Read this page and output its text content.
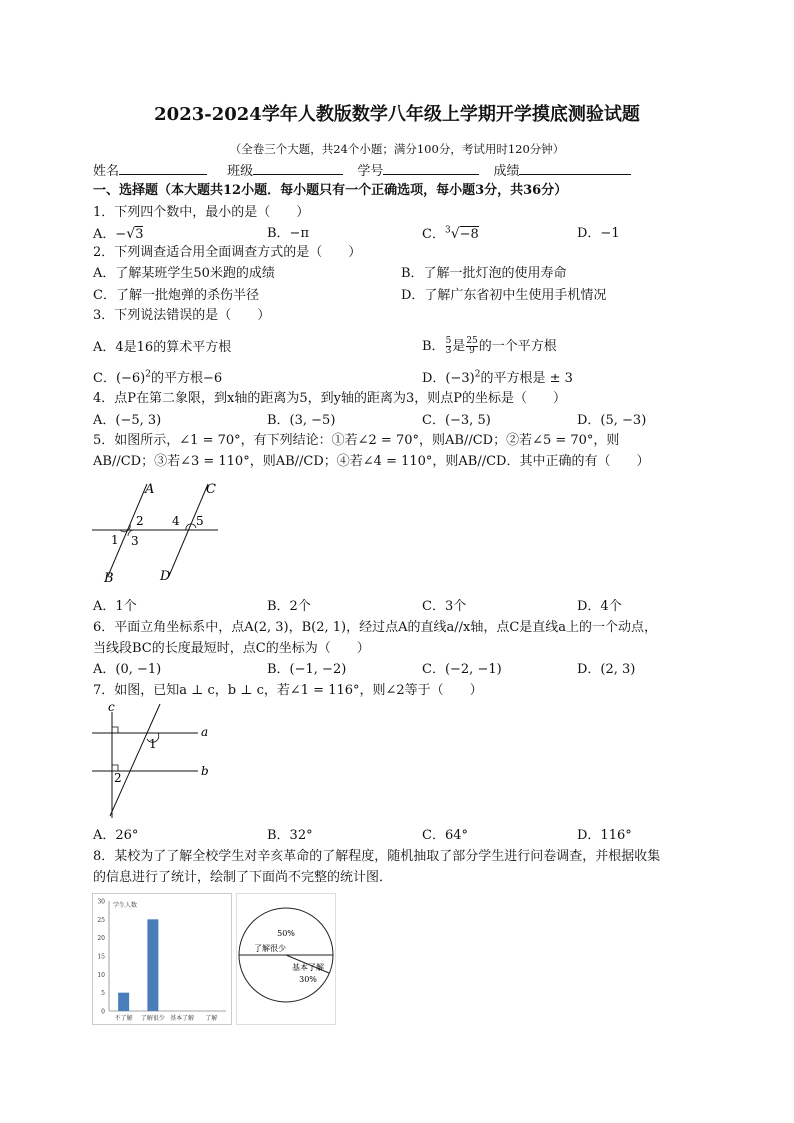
2023-2024学年人教版数学八年级上学期开学摸底测验试题
（全卷三个大题，共24个小题；满分100分，考试用时120分钟）
姓名	班级	学号	成绩
一、选择题（本大题共12小题．每小题只有一个正确选项，每小题3分，共36分）
1．下列四个数中，最小的是（　　）
A．−√3	B．−π	C．$^3$√−8	D．−1
2．下列调查适合用全面调查方式的是（　　）
A．了解某班学生50米跑的成绩	B．了解一批灯泡的使用寿命
C．了解一批炮弹的杀伤半径	D．了解广东省初中生使用手机情况
3．下列说法错误的是（　　）
A．4是16的算术平方根	B． $\frac{5}{3}$ 是 $\frac{25}{9}$ 的一个平方根
C．$(-6)^2$的平方根−6	D．$(-3)^2$的平方根是 ± 3
4．点P在第二象限，到x轴的距离为5，到y轴的距离为3，则点P的坐标是（　　）
A．(−5, 3)	B．(3, −5)	C．(−3, 5)	D．(5, −3)
5．如图所示，∠1 = 70°，有下列结论：①若∠2 = 70°，则AB//CD；②若∠5 = 70°，则
AB//CD；③若∠3 = 110°，则AB//CD；④若∠4 = 110°，则AB//CD．其中正确的有（　　）
A
B
C
D
1
2
3
4 5
A．1个	B．2个	C．3个	D．4个
6．平面立角坐标系中，点A(2, 3)，B(2, 1)，经过点A的直线a//x轴，点C是直线a上的一个动点，
当线段BC的长度最短时，点C的坐标为（　　）
A．(0, −1)	B．(−1, −2)	C．(−2, −1)	D．(2, 3)
7．如图，已知a ⊥ c，b ⊥ c，若∠1 = 116°，则∠2等于（　　）
c
a
b
1
2
A．26°	B．32°	C．64°	D．116°
8．某校为了了解全校学生对辛亥革命的了解程度，随机抽取了部分学生进行问卷调查，并根据收集
的信息进行了统计，绘制了下面尚不完整的统计图．
0
5
10
15
20
25
30 学生人数
不了解 了解很少 基本了解 了解
50%
了解很少
基本了解
30%
